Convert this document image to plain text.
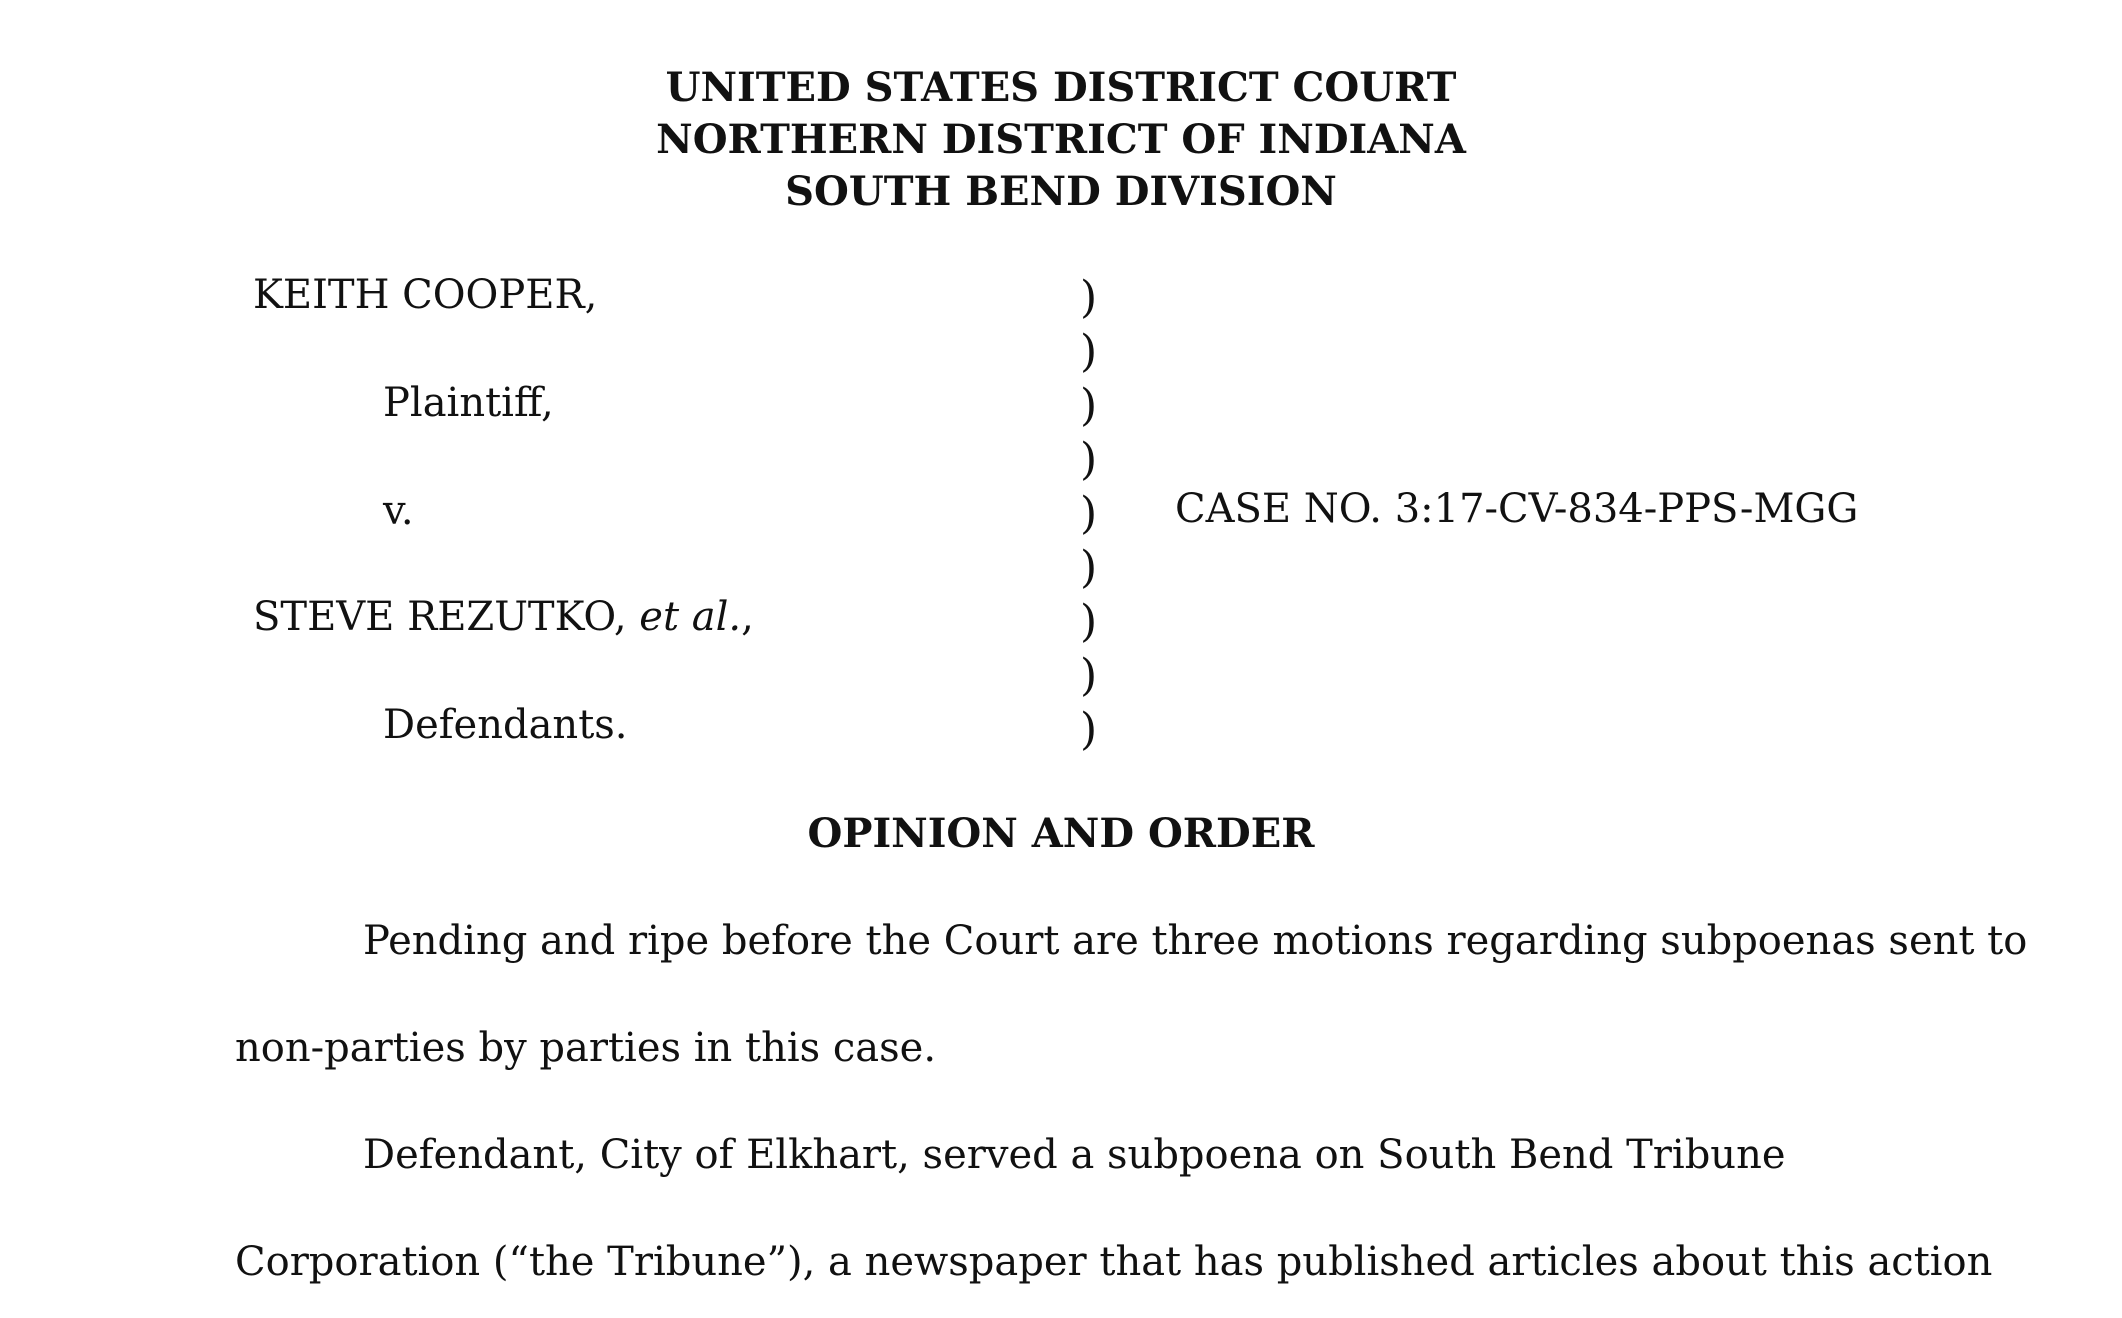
UNITED STATES DISTRICT COURT
NORTHERN DISTRICT OF INDIANA
SOUTH BEND DIVISION
KEITH COOPER,
Plaintiff,
v.
STEVE REZUTKO, et al.,
Defendants.
)
)
)
)
)
)
)
)
)
CASE NO. 3:17-CV-834-PPS-MGG
OPINION AND ORDER
Pending and ripe before the Court are three motions regarding subpoenas sent to
non-parties by parties in this case.
Defendant, City of Elkhart, served a subpoena on South Bend Tribune
Corporation (“the Tribune”), a newspaper that has published articles about this action
